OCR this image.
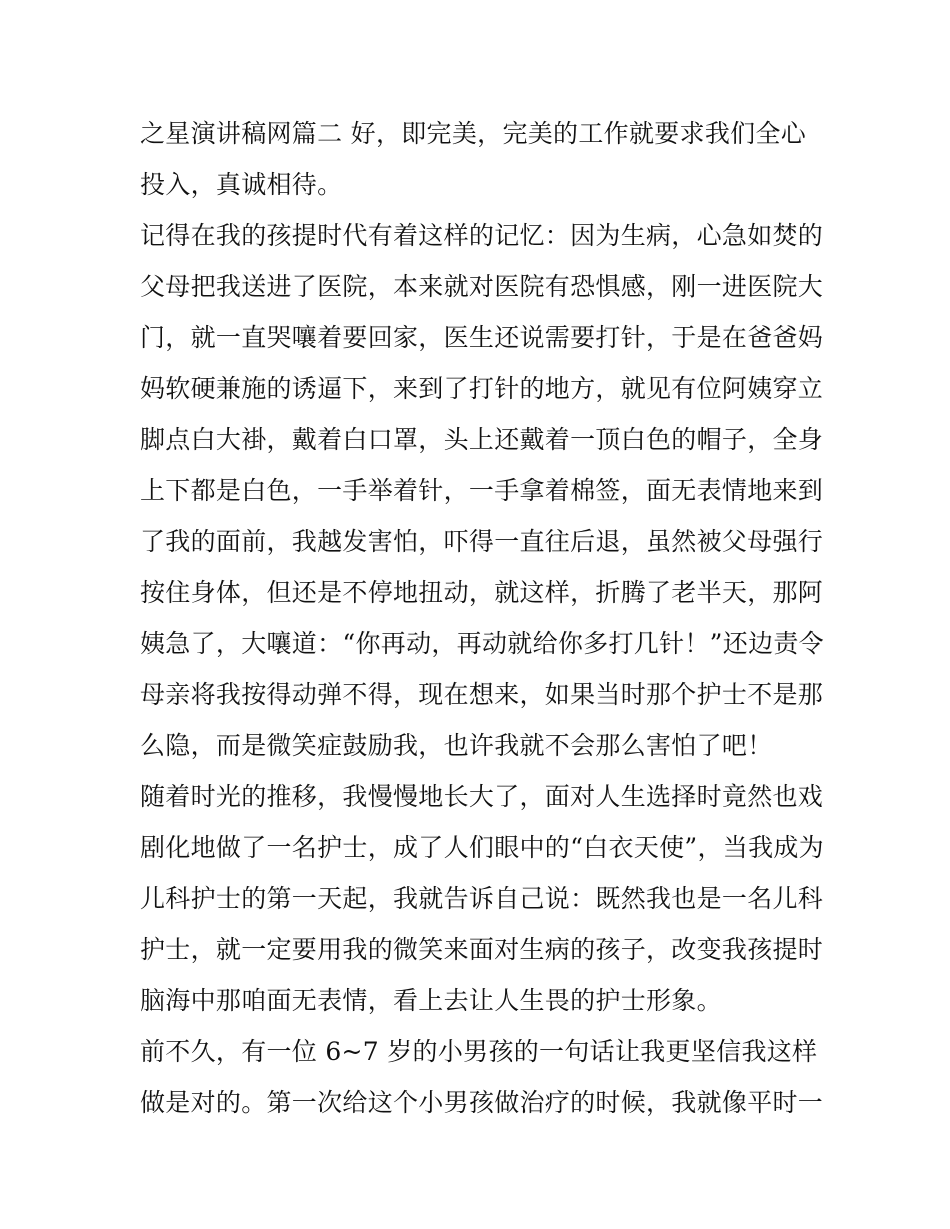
之星演讲稿网篇二 好，即完美，完美的工作就要求我们全心
投入，真诚相待。
记得在我的孩提时代有着这样的记忆：因为生病，心急如焚的
父母把我送进了医院，本来就对医院有恐惧感，刚一进医院大
门，就一直哭嚷着要回家，医生还说需要打针，于是在爸爸妈
妈软硬兼施的诱逼下，来到了打针的地方，就见有位阿姨穿立
脚点白大褂，戴着白口罩，头上还戴着一顶白色的帽子，全身
上下都是白色，一手举着针，一手拿着棉签，面无表情地来到
了我的面前，我越发害怕，吓得一直往后退，虽然被父母强行
按住身体，但还是不停地扭动，就这样，折腾了老半天，那阿
姨急了，大嚷道：“你再动，再动就给你多打几针！”还边责令
母亲将我按得动弹不得，现在想来，如果当时那个护士不是那
么隐，而是微笑症鼓励我，也许我就不会那么害怕了吧！
随着时光的推移，我慢慢地长大了，面对人生选择时竟然也戏
剧化地做了一名护士，成了人们眼中的“白衣天使”，当我成为
儿科护士的第一天起，我就告诉自己说：既然我也是一名儿科
护士，就一定要用我的微笑来面对生病的孩子，改变我孩提时
脑海中那咱面无表情，看上去让人生畏的护士形象。
前不久，有一位 6~7 岁的小男孩的一句话让我更坚信我这样
做是对的。第一次给这个小男孩做治疗的时候，我就像平时一
